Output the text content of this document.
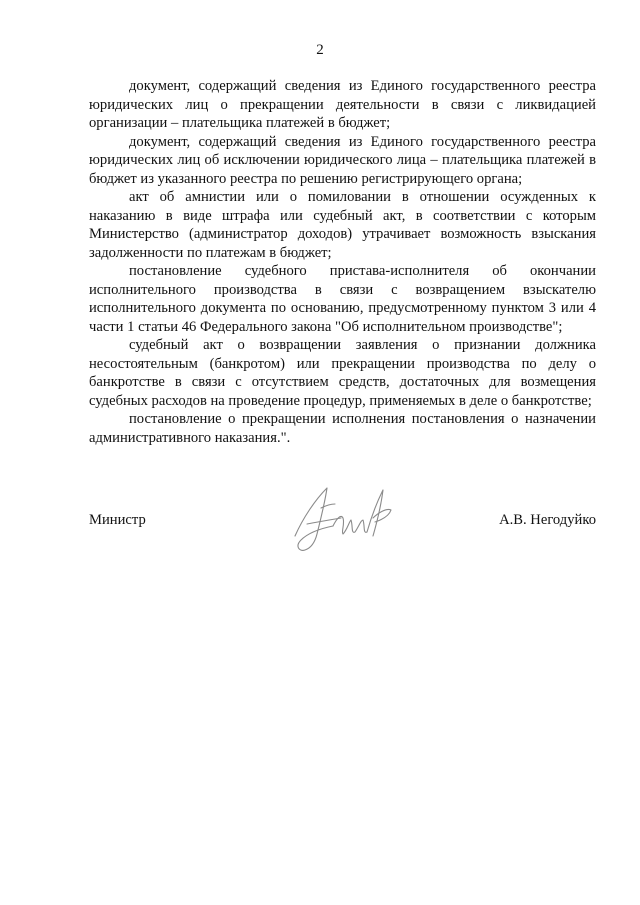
2

документ, содержащий сведения из Единого государственного реестра юридических лиц о прекращении деятельности в связи с ликвидацией организации – плательщика платежей в бюджет;

документ, содержащий сведения из Единого государственного реестра юридических лиц об исключении юридического лица – плательщика платежей в бюджет из указанного реестра по решению регистрирующего органа;

акт об амнистии или о помиловании в отношении осужденных к наказанию в виде штрафа или судебный акт, в соответствии с которым Министерство (администратор доходов) утрачивает возможность взыскания задолженности по платежам в бюджет;

постановление судебного пристава-исполнителя об окончании исполнительного производства в связи с возвращением взыскателю исполнительного документа по основанию, предусмотренному пунктом 3 или 4 части 1 статьи 46 Федерального закона "Об исполнительном производстве";

судебный акт о возвращении заявления о признании должника несостоятельным (банкротом) или прекращении производства по делу о банкротстве в связи с отсутствием средств, достаточных для возмещения судебных расходов на проведение процедур, применяемых в деле о банкротстве;

постановление о прекращении исполнения постановления о назначении административного наказания.".

Министр	А.В. Негодуйко
